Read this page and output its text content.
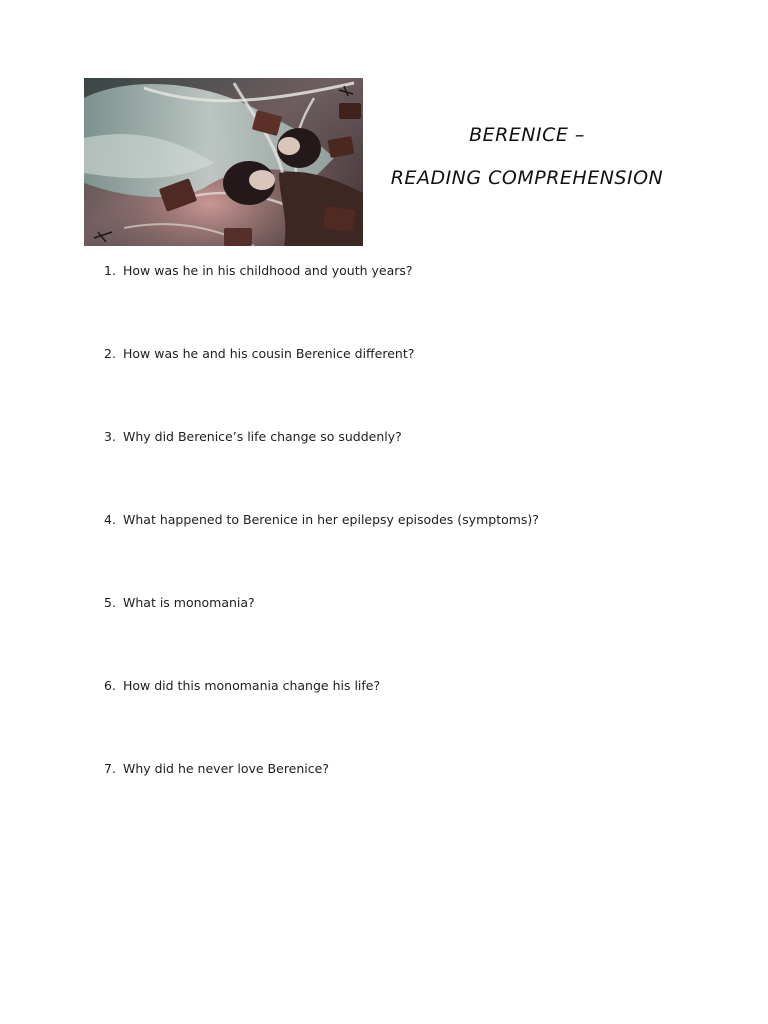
BERENICE –
READING COMPREHENSION
1. How was he in his childhood and youth years?
2. How was he and his cousin Berenice different?
3. Why did Berenice’s life change so suddenly?
4. What happened to Berenice in her epilepsy episodes (symptoms)?
5. What is monomania?
6. How did this monomania change his life?
7. Why did he never love Berenice?
